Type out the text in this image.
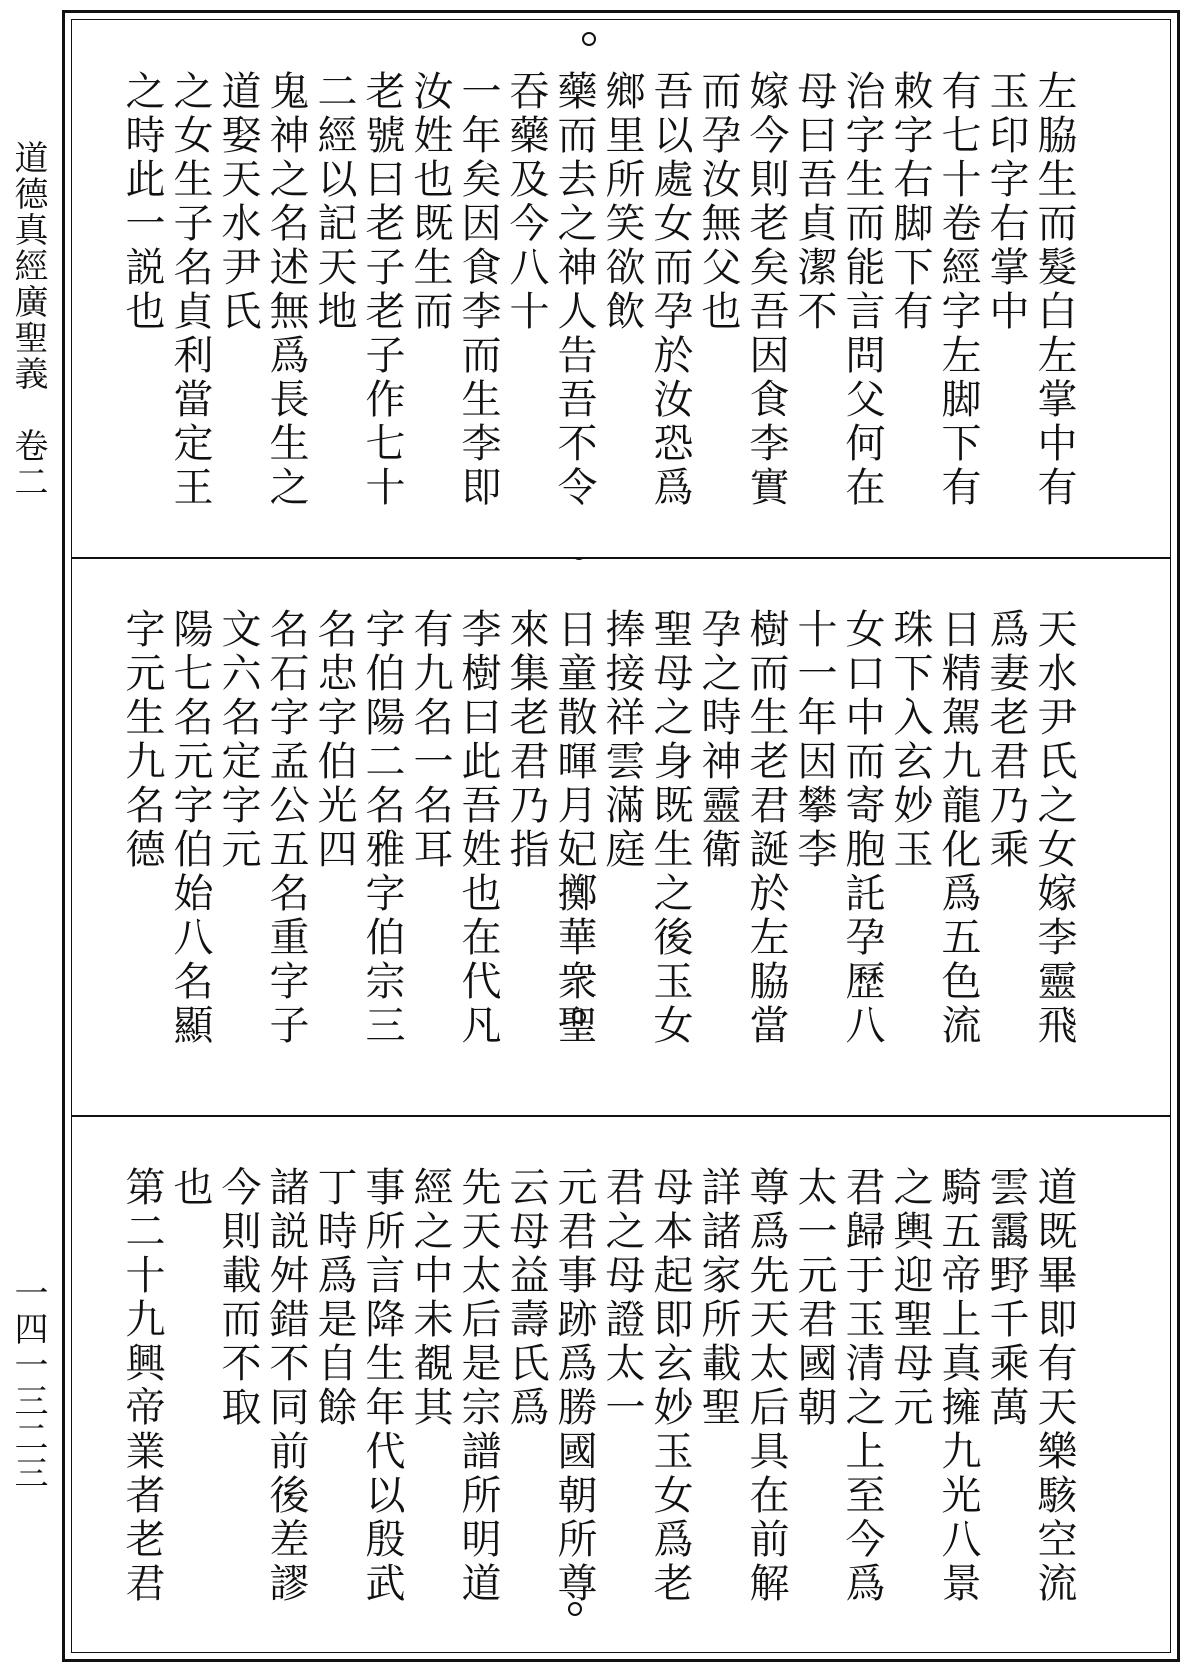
道德真經廣聖義　卷二
一四一三二三

左脇生而髮白左掌中有玉印字右掌中

有七十卷經字左脚下有敕字右脚下有

治字生而能言問父何在母曰吾貞潔不

嫁今則老矣吾因食李實而孕汝無父也

吾以處女而孕於汝恐爲鄉里所笑欲飲

藥而去之神人告吾不令吞藥及今八十

一年矣因食李而生李即汝姓也既生而

老號曰老子老子作七十二經以記天地

鬼神之名述無爲長生之道娶天水尹氏

之女生子名貞利當定王之時此一説也

天水尹氏之女嫁李靈飛爲妻老君乃乘

日精駕九龍化爲五色流珠下入玄妙玉

女口中而寄胞託孕歷八十一年因攀李

樹而生老君誕於左脇當孕之時神靈衛

聖母之身既生之後玉女捧接祥雲滿庭

日童散暉月妃擲華衆聖來集老君乃指

李樹曰此吾姓也在代凡有九名一名耳

字伯陽二名雅字伯宗三名忠字伯光四

名石字孟公五名重字子文六名定字元

陽七名元字伯始八名顯字元生九名德

道既畢即有天樂駭空流雲靄野千乘萬

騎五帝上真擁九光八景之輿迎聖母元

君歸于玉清之上至今爲太一元君國朝

尊爲先天太后具在前解詳諸家所載聖

母本起即玄妙玉女爲老君之母證太一

元君事跡爲勝國朝所尊云母益壽氏爲

先天太后是宗譜所明道經之中未覩其

事所言降生年代以殷武丁時爲是自餘

諸説舛錯不同前後差謬今則載而不取

也

第二十九興帝業者老君
